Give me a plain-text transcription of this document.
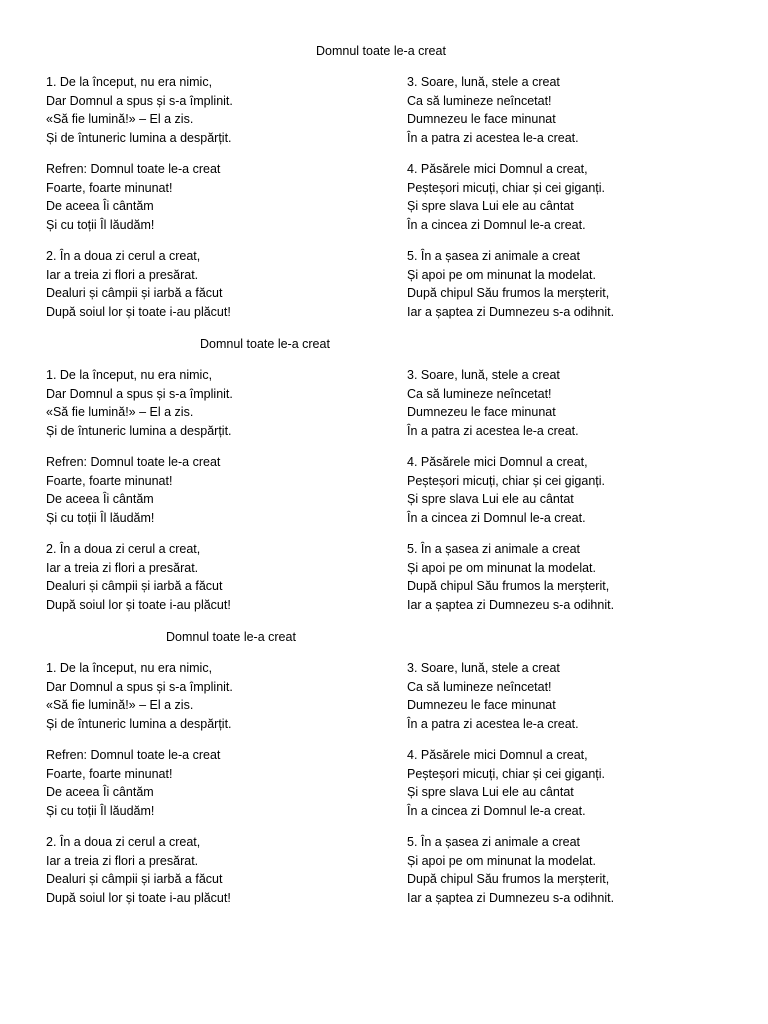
Domnul toate le-a creat
1. De la început, nu era nimic,
Dar Domnul a spus și s-a împlinit.
«Să fie lumină!» – El a zis.
Și de întuneric lumina a despărțit.
Refren: Domnul toate le-a creat
Foarte, foarte minunat!
De aceea Îi cântăm
Și cu toții Îl lăudăm!
2. În a doua zi cerul a creat,
Iar a treia zi flori a presărat.
Dealuri și câmpii și iarbă a făcut
După soiul lor și toate i-au plăcut!
3. Soare, lună, stele a creat
Ca să lumineze neîncetat!
Dumnezeu le face minunat
În a patra zi acestea le-a creat.
4. Păsărele mici Domnul a creat,
Peșteșori micuți, chiar și cei giganți.
Și spre slava Lui ele au cântat
În a cincea zi Domnul le-a creat.
5. În a șasea zi animale a creat
Și apoi pe om minunat la modelat.
După chipul Său frumos la merșterit,
Iar a șaptea zi Dumnezeu s-a odihnit.
Domnul toate le-a creat
1. De la început, nu era nimic,
Dar Domnul a spus și s-a împlinit.
«Să fie lumină!» – El a zis.
Și de întuneric lumina a despărțit.
Refren: Domnul toate le-a creat
Foarte, foarte minunat!
De aceea Îi cântăm
Și cu toții Îl lăudăm!
2. În a doua zi cerul a creat,
Iar a treia zi flori a presărat.
Dealuri și câmpii și iarbă a făcut
După soiul lor și toate i-au plăcut!
3. Soare, lună, stele a creat
Ca să lumineze neîncetat!
Dumnezeu le face minunat
În a patra zi acestea le-a creat.
4. Păsărele mici Domnul a creat,
Peșteșori micuți, chiar și cei giganți.
Și spre slava Lui ele au cântat
În a cincea zi Domnul le-a creat.
5. În a șasea zi animale a creat
Și apoi pe om minunat la modelat.
După chipul Său frumos la merșterit,
Iar a șaptea zi Dumnezeu s-a odihnit.
Domnul toate le-a creat
1. De la început, nu era nimic,
Dar Domnul a spus și s-a împlinit.
«Să fie lumină!» – El a zis.
Și de întuneric lumina a despărțit.
Refren: Domnul toate le-a creat
Foarte, foarte minunat!
De aceea Îi cântăm
Și cu toții Îl lăudăm!
2. În a doua zi cerul a creat,
Iar a treia zi flori a presărat.
Dealuri și câmpii și iarbă a făcut
După soiul lor și toate i-au plăcut!
3. Soare, lună, stele a creat
Ca să lumineze neîncetat!
Dumnezeu le face minunat
În a patra zi acestea le-a creat.
4. Păsărele mici Domnul a creat,
Peșteșori micuți, chiar și cei giganți.
Și spre slava Lui ele au cântat
În a cincea zi Domnul le-a creat.
5. În a șasea zi animale a creat
Și apoi pe om minunat la modelat.
După chipul Său frumos la merșterit,
Iar a șaptea zi Dumnezeu s-a odihnit.
